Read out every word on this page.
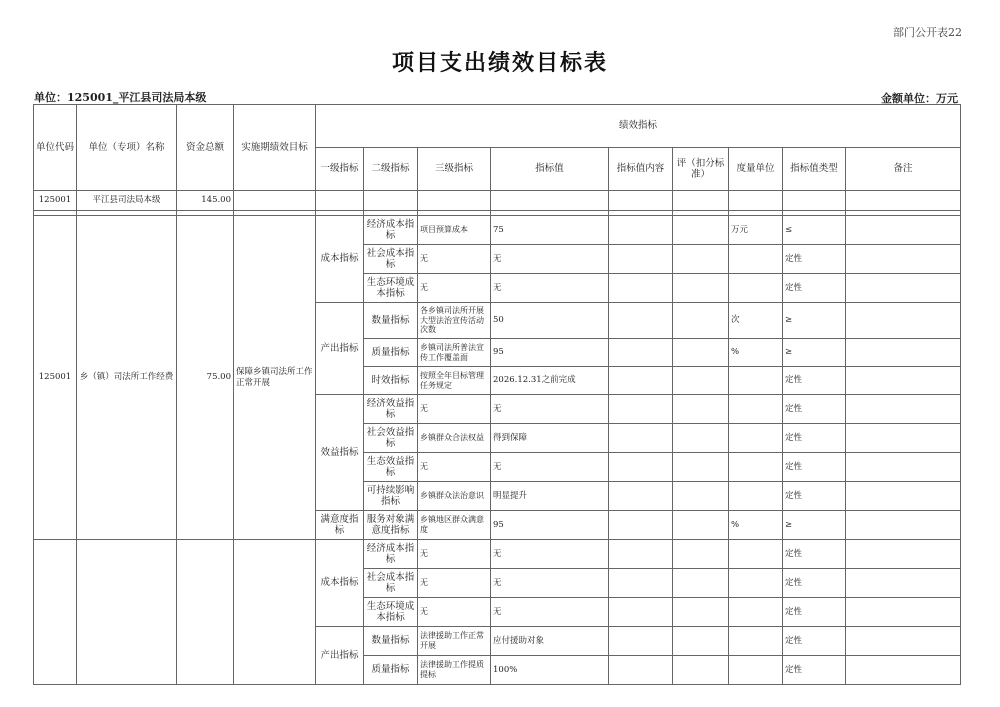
部门公开表22
项目支出绩效目标表
单位：125001_平江县司法局本级	金额单位：万元
单位代码	单位（专项）名称	资金总额	实施期绩效目标	绩效指标								
				一级指标	二级指标	三级指标	指标值	指标值内容	评（扣分标准）	度量单位	指标值类型	备注
125001	平江县司法局本级	145.00										

125001	乡（镇）司法所工作经费	75.00	保障乡镇司法所工作正常开展	成本指标	经济成本指标	项目预算成本	75			万元	≤	
					社会成本指标	无	无				定性	
					生态环境成本指标	无	无				定性	
				产出指标	数量指标	各乡镇司法所开展大型法治宣传活动次数	50			次	≥	
					质量指标	乡镇司法所普法宣传工作覆盖面	95			%	≥	
					时效指标	按照全年目标管理任务规定	2026.12.31之前完成				定性	
				效益指标	经济效益指标	无	无				定性	
					社会效益指标	乡镇群众合法权益	得到保障				定性	
					生态效益指标	无	无				定性	
					可持续影响指标	乡镇群众法治意识	明显提升				定性	
				满意度指标	服务对象满意度指标	乡镇地区群众满意度	95			%	≥	
				成本指标	经济成本指标	无	无				定性	
					社会成本指标	无	无				定性	
					生态环境成本指标	无	无				定性	
				产出指标	数量指标	法律援助工作正常开展	应付援助对象				定性	
					质量指标	法律援助工作提质提标	100%				定性	
